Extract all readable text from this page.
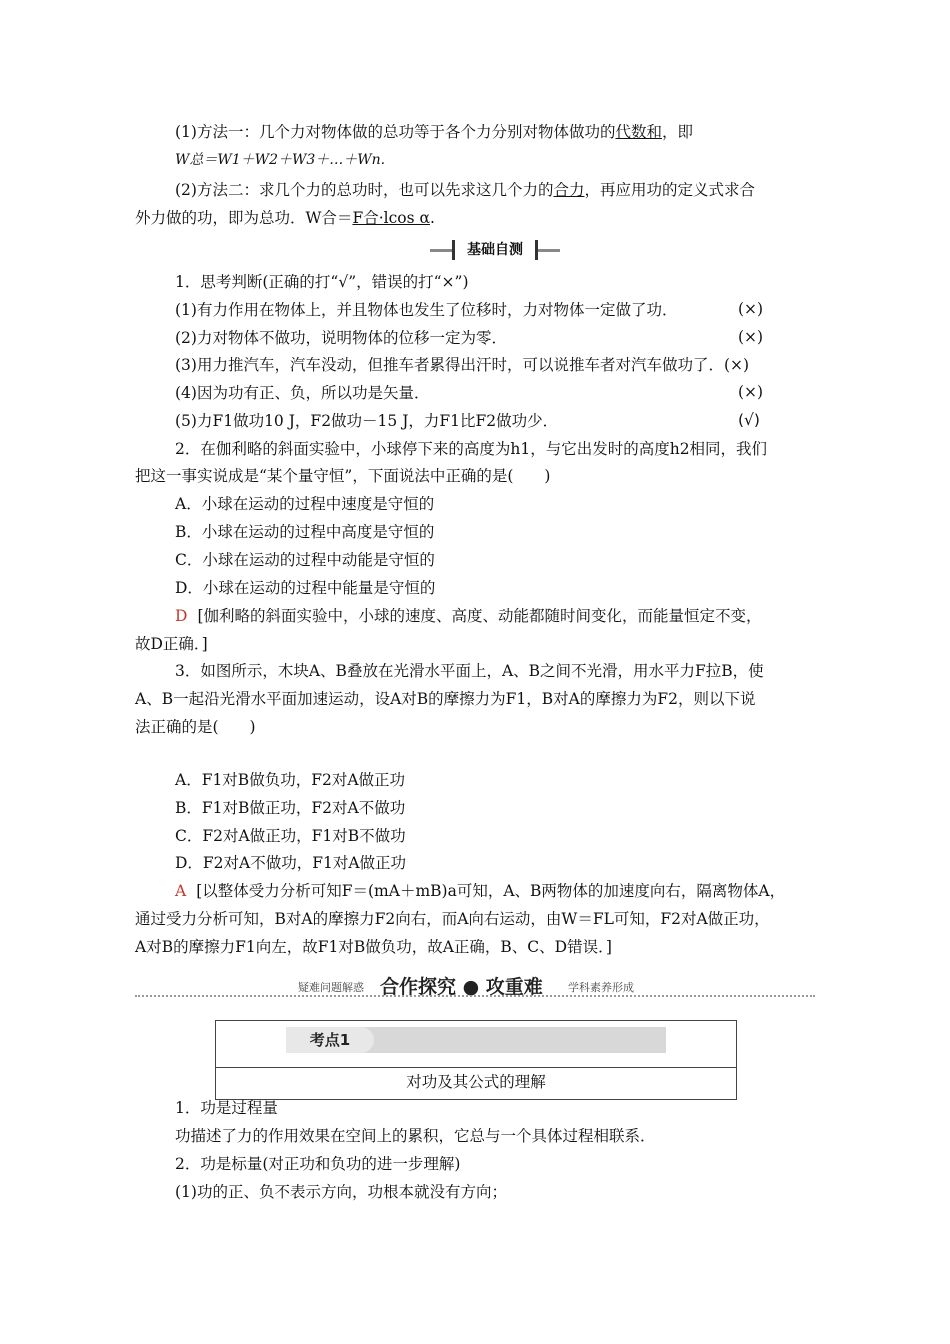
(1)方法一：几个力对物体做的总功等于各个力分别对物体做功的代数和，即
W总＝W1＋W2＋W3＋…＋Wn.
(2)方法二：求几个力的总功时，也可以先求这几个力的合力，再应用功的定义式求合
外力做的功，即为总功．W合＝F合·lcos α.
基础自测
1．思考判断(正确的打“√”，错误的打“×”)
(1)有力作用在物体上，并且物体也发生了位移时，力对物体一定做了功．	(×)
(2)力对物体不做功，说明物体的位移一定为零．	(×)
(3)用力推汽车，汽车没动，但推车者累得出汗时，可以说推车者对汽车做功了．(×)
(4)因为功有正、负，所以功是矢量．	(×)
(5)力F1做功10 J，F2做功－15 J，力F1比F2做功少．	(√)
2．在伽利略的斜面实验中，小球停下来的高度为h1，与它出发时的高度h2相同，我们
把这一事实说成是“某个量守恒”，下面说法中正确的是(　　)
A．小球在运动的过程中速度是守恒的
B．小球在运动的过程中高度是守恒的
C．小球在运动的过程中动能是守恒的
D．小球在运动的过程中能量是守恒的
D [伽利略的斜面实验中，小球的速度、高度、动能都随时间变化，而能量恒定不变，
故D正确．]
3．如图所示，木块A、B叠放在光滑水平面上，A、B之间不光滑，用水平力F拉B，使
A、B一起沿光滑水平面加速运动，设A对B的摩擦力为F1，B对A的摩擦力为F2，则以下说
法正确的是(　　)
A．F1对B做负功，F2对A做正功
B．F1对B做正功，F2对A不做功
C．F2对A做正功，F1对B不做功
D．F2对A不做功，F1对A做正功
A [以整体受力分析可知F＝(mA＋mB)a可知，A、B两物体的加速度向右，隔离物体A，
通过受力分析可知，B对A的摩擦力F2向右，而A向右运动，由W＝FL可知，F2对A做正功，
A对B的摩擦力F1向左，故F1对B做负功，故A正确，B、C、D错误．]
疑难问题解惑 合作探究 ● 攻重难 学科素养形成
考点1
对功及其公式的理解
1．功是过程量
功描述了力的作用效果在空间上的累积，它总与一个具体过程相联系．
2．功是标量(对正功和负功的进一步理解)
(1)功的正、负不表示方向，功根本就没有方向；
